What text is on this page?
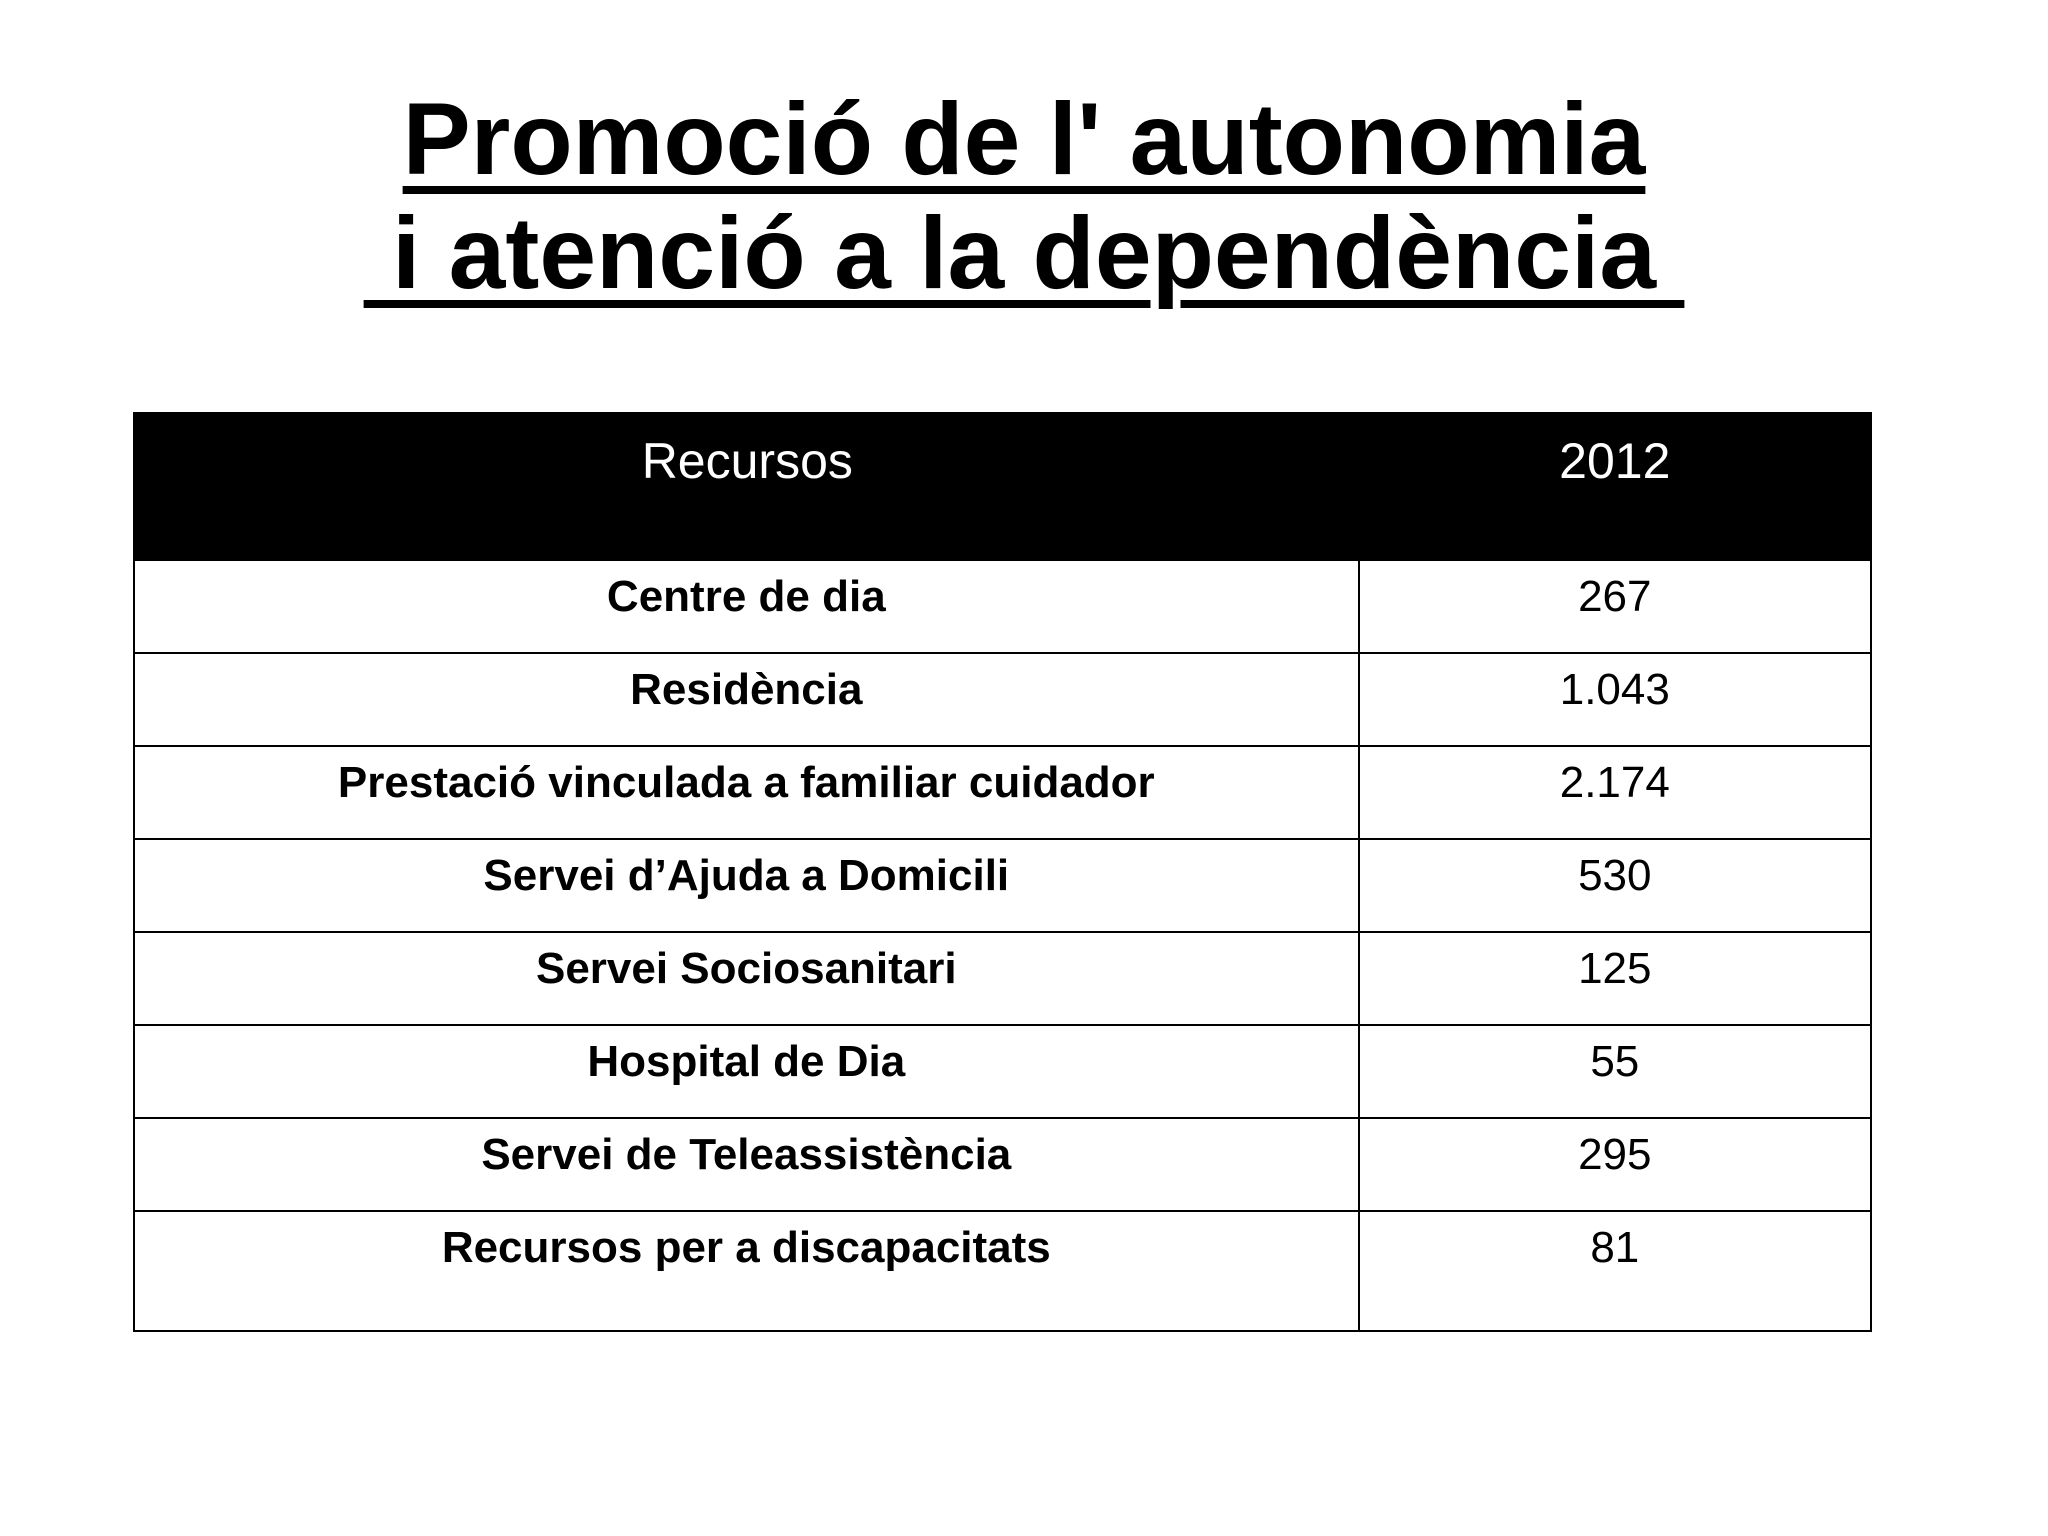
Promoció de l' autonomia
i atenció a la dependència
Recursos	2012
Centre de dia	267
Residència	1.043
Prestació vinculada a familiar cuidador	2.174
Servei d’Ajuda a Domicili	530
Servei Sociosanitari	125
Hospital de Dia	55
Servei de Teleassistència	295
Recursos per a discapacitats	81
